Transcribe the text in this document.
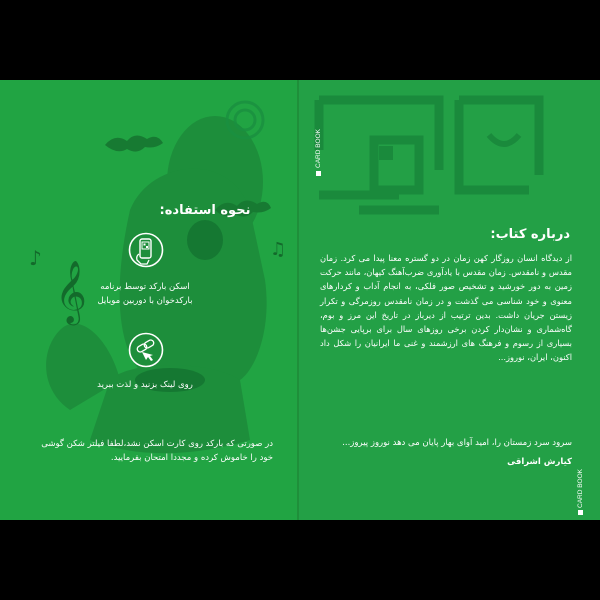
𝄞
♪	♫
نحوه استفاده:
اسکن بارکد توسط برنامه بارکدخوان با دوربین موبایل
روی لینک بزنید و لذت ببرید
در صورتی که بارکد روی کارت اسکن نشد،لطفا فیلتر شکن گوشی خود را خاموش کرده و مجددا امتحان بفرمایید.
CARD BOOK
CARD BOOK
درباره کتاب:
از دیدگاه انسان روزگار کهن زمان در دو گستره معنا پیدا می کرد. زمان مقدس و نامقدس. زمان مقدس با یادآوری ضرب‌آهنگ کیهان، مانند حرکت زمین به دور خورشید و تشخیص صور فلکی، به انجام آداب و کردارهای معنوی و خود شناسی می گذشت و در زمان نامقدس روزمرگی و تکرار زیستن جریان داشت. بدین ترتیب از دیرباز در تاریخ این مرز و بوم، گاه‌شماری و نشان‌دار کردن برخی روزهای سال برای برپایی جشن‌ها بسیاری از رسوم و فرهنگ های ارزشمند و غنی ما ایرانیان را شکل داد اکنون، ایران، نوروز...
سرود سرد زمستان را، امید آوای بهار پایان می دهد نوروز پیروز...
کیارش اشراقی
